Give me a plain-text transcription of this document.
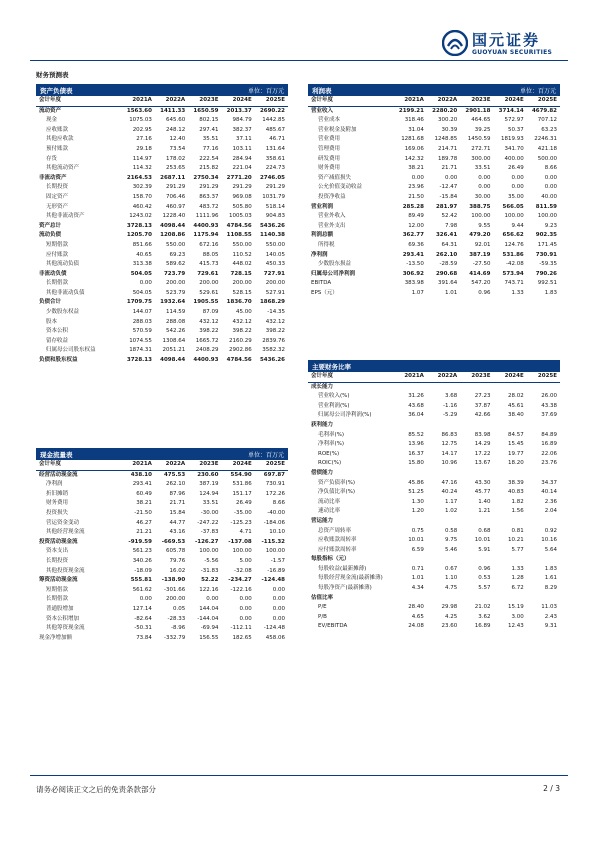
国元证券
GUOYUAN SECURITIES
财务预测表
资产负债表	单位：百万元
会计年度	2021A	2022A	2023E	2024E	2025E
流动资产	1563.60	1411.33	1650.59	2013.37	2690.22
现金	1075.03	645.60	802.15	984.79	1442.85
应收账款	202.95	248.12	297.41	382.37	485.67
其他应收款	27.16	12.40	35.51	37.11	46.71
预付账款	29.18	73.54	77.16	103.11	131.64
存货	114.97	178.02	222.54	284.94	358.61
其他流动资产	114.32	253.65	215.82	221.04	224.73
非流动资产	2164.53	2687.11	2750.34	2771.20	2746.05
长期投资	302.39	291.29	291.29	291.29	291.29
固定资产	158.70	706.46	863.37	969.08	1031.79
无形资产	460.42	460.97	483.72	505.80	518.14
其他非流动资产	1243.02	1228.40	1111.96	1005.03	904.83
资产总计	3728.13	4098.44	4400.93	4784.56	5436.26
流动负债	1205.70	1208.86	1175.94	1108.55	1140.38
短期借款	851.66	550.00	672.16	550.00	550.00
应付账款	40.65	69.23	88.05	110.52	140.05
其他流动负债	313.38	589.62	415.73	448.02	450.33
非流动负债	504.05	723.79	729.61	728.15	727.91
长期借款	0.00	200.00	200.00	200.00	200.00
其他非流动负债	504.05	523.79	529.61	528.15	527.91
负债合计	1709.75	1932.64	1905.55	1836.70	1868.29
少数股东权益	144.07	114.59	87.09	45.00	-14.35
股本	288.03	288.08	432.12	432.12	432.12
资本公积	570.59	542.26	398.22	398.22	398.22
留存收益	1074.55	1308.64	1665.72	2160.29	2839.76
归属母公司股东权益	1874.31	2051.21	2408.29	2902.86	3582.32
负债和股东权益	3728.13	4098.44	4400.93	4784.56	5436.26
利润表	单位：百万元
会计年度	2021A	2022A	2023E	2024E	2025E
营业收入	2199.21	2280.20	2901.18	3714.14	4679.82
营业成本	318.46	300.20	464.65	572.97	707.12
营业税金及附加	31.04	30.39	39.25	50.37	63.23
营业费用	1281.68	1248.85	1450.59	1819.93	2246.31
管理费用	169.06	214.71	272.71	341.70	421.18
研发费用	142.32	189.78	300.00	400.00	500.00
财务费用	38.21	21.71	33.51	26.49	8.66
资产减值损失	0.00	0.00	0.00	0.00	0.00
公允价值变动收益	23.96	-12.47	0.00	0.00	0.00
投资净收益	21.50	-15.84	30.00	35.00	40.00
营业利润	285.28	281.97	388.75	566.05	811.59
营业外收入	89.49	52.42	100.00	100.00	100.00
营业外支出	12.00	7.98	9.55	9.44	9.23
利润总额	362.77	326.41	479.20	656.62	902.35
所得税	69.36	64.31	92.01	124.76	171.45
净利润	293.41	262.10	387.19	531.86	730.91
少数股东损益	-13.50	-28.59	-27.50	-42.08	-59.35
归属母公司净利润	306.92	290.68	414.69	573.94	790.26
EBITDA	383.98	391.64	547.20	743.71	992.51
EPS（元）	1.07	1.01	0.96	1.33	1.83
现金流量表	单位：百万元
会计年度	2021A	2022A	2023E	2024E	2025E
经营活动现金流	438.10	475.53	230.60	554.90	697.87
净利润	293.41	262.10	387.19	531.86	730.91
折旧摊销	60.49	87.96	124.94	151.17	172.26
财务费用	38.21	21.71	33.51	26.49	8.66
投资损失	-21.50	15.84	-30.00	-35.00	-40.00
营运资金变动	46.27	44.77	-247.22	-125.23	-184.06
其他经营现金流	21.21	43.16	-37.83	4.71	10.10
投资活动现金流	-919.59	-669.53	-126.27	-137.08	-115.32
资本支出	561.23	605.78	100.00	100.00	100.00
长期投资	340.26	79.76	-5.56	5.00	-1.57
其他投资现金流	-18.09	16.02	-31.83	-32.08	-16.89
筹资活动现金流	555.81	-138.90	52.22	-234.27	-124.48
短期借款	561.62	-301.66	122.16	-122.16	0.00
长期借款	0.00	200.00	0.00	0.00	0.00
普通股增加	127.14	0.05	144.04	0.00	0.00
资本公积增加	-82.64	-28.33	-144.04	0.00	0.00
其他筹资现金流	-50.31	-8.96	-69.94	-112.11	-124.48
现金净增加额	73.84	-332.79	156.55	182.65	458.06
主要财务比率
会计年度	2021A	2022A	2023E	2024E	2025E
成长能力					
营业收入(%)	31.26	3.68	27.23	28.02	26.00
营业利润(%)	43.68	-1.16	37.87	45.61	43.38
归属母公司净利润(%)	36.04	-5.29	42.66	38.40	37.69
获利能力					
毛利率(%)	85.52	86.83	83.98	84.57	84.89
净利率(%)	13.96	12.75	14.29	15.45	16.89
ROE(%)	16.37	14.17	17.22	19.77	22.06
ROIC(%)	15.80	10.96	13.67	18.20	23.76
偿债能力					
资产负债率(%)	45.86	47.16	43.30	38.39	34.37
净负债比率(%)	51.25	40.24	45.77	40.83	40.14
流动比率	1.30	1.17	1.40	1.82	2.36
速动比率	1.20	1.02	1.21	1.56	2.04
营运能力					
总资产周转率	0.75	0.58	0.68	0.81	0.92
应收账款周转率	10.01	9.75	10.01	10.21	10.16
应付账款周转率	6.59	5.46	5.91	5.77	5.64
每股指标（元）					
每股收益(最新摊薄)	0.71	0.67	0.96	1.33	1.83
每股经营现金流(最新摊薄)	1.01	1.10	0.53	1.28	1.61
每股净资产(最新摊薄)	4.34	4.75	5.57	6.72	8.29
估值比率					
P/E	28.40	29.98	21.02	15.19	11.03
P/B	4.65	4.25	3.62	3.00	2.43
EV/EBITDA	24.08	23.60	16.89	12.43	9.31
请务必阅读正文之后的免责条款部分	2 / 3
